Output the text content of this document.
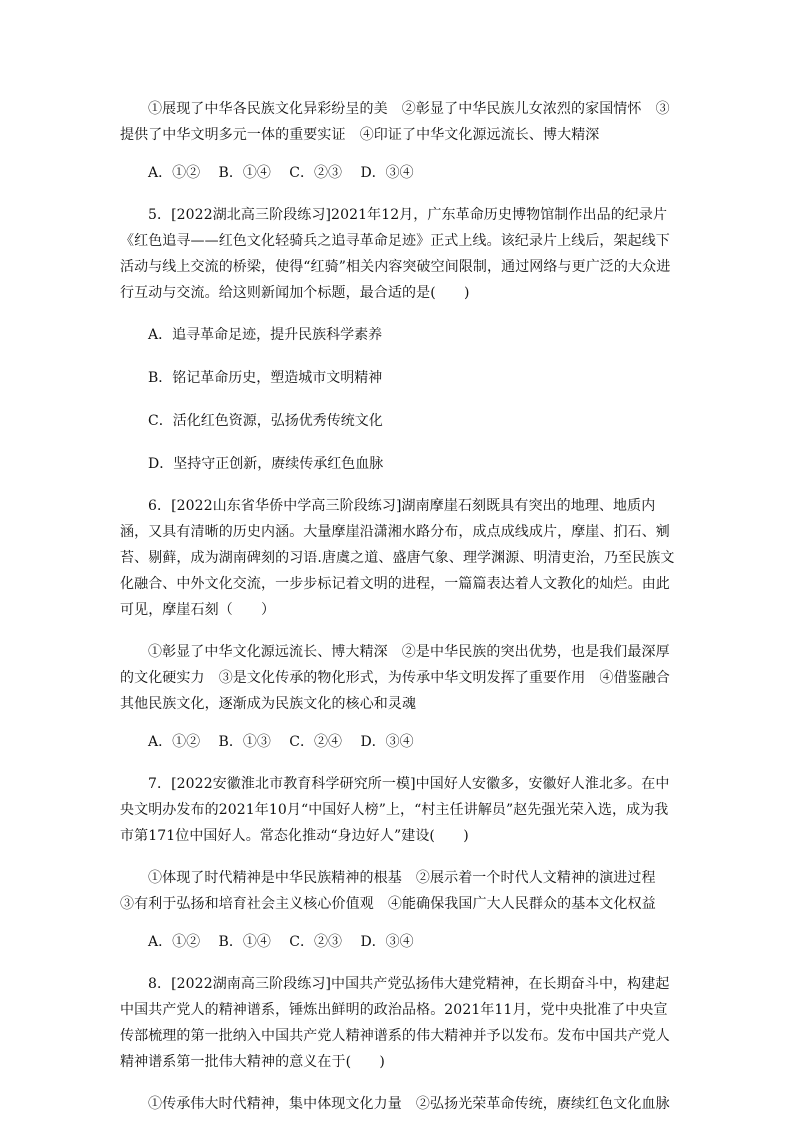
①展现了中华各民族文化异彩纷呈的美　②彰显了中华民族儿女浓烈的家国情怀　③提供了中华文明多元一体的重要实证　④印证了中华文化源远流长、博大精深

A．①②　 B．①④　 C．②③　 D．③④

5．[2022湖北高三阶段练习]2021年12月，广东革命历史博物馆制作出品的纪录片《红色追寻——红色文化轻骑兵之追寻革命足迹》正式上线。该纪录片上线后，架起线下活动与线上交流的桥梁，使得“红骑”相关内容突破空间限制，通过网络与更广泛的大众进行互动与交流。给这则新闻加个标题，最合适的是(　　)

A．追寻革命足迹，提升民族科学素养

B．铭记革命历史，塑造城市文明精神

C．活化红色资源，弘扬优秀传统文化

D．坚持守正创新，赓续传承红色血脉

6．[2022山东省华侨中学高三阶段练习]湖南摩崖石刻既具有突出的地理、地质内涵，又具有清晰的历史内涵。大量摩崖沿潇湘水路分布，成点成线成片，摩崖、扪石、剜苔、剔藓，成为湖南碑刻的习语.唐虞之道、盛唐气象、理学渊源、明清吏治，乃至民族文化融合、中外文化交流，一步步标记着文明的进程，一篇篇表达着人文教化的灿烂。由此可见，摩崖石刻（　　）

①彰显了中华文化源远流长、博大精深　②是中华民族的突出优势，也是我们最深厚的文化硬实力　③是文化传承的物化形式，为传承中华文明发挥了重要作用　④借鉴融合其他民族文化，逐渐成为民族文化的核心和灵魂

A．①②　 B．①③　 C．②④　 D．③④

7．[2022安徽淮北市教育科学研究所一模]中国好人安徽多，安徽好人淮北多。在中央文明办发布的2021年10月“中国好人榜”上，“村主任讲解员”赵先强光荣入选，成为我市第171位中国好人。常态化推动“身边好人”建设(　　)

①体现了时代精神是中华民族精神的根基　②展示着一个时代人文精神的演进过程　③有利于弘扬和培育社会主义核心价值观　④能确保我国广大人民群众的基本文化权益

A．①②　 B．①④　 C．②③　 D．③④

8．[2022湖南高三阶段练习]中国共产党弘扬伟大建党精神，在长期奋斗中，构建起中国共产党人的精神谱系，锤炼出鲜明的政治品格。2021年11月，党中央批准了中央宣传部梳理的第一批纳入中国共产党人精神谱系的伟大精神并予以发布。发布中国共产党人精神谱系第一批伟大精神的意义在于(　　)

①传承伟大时代精神，集中体现文化力量　②弘扬光荣革命传统，赓续红色文化血脉
